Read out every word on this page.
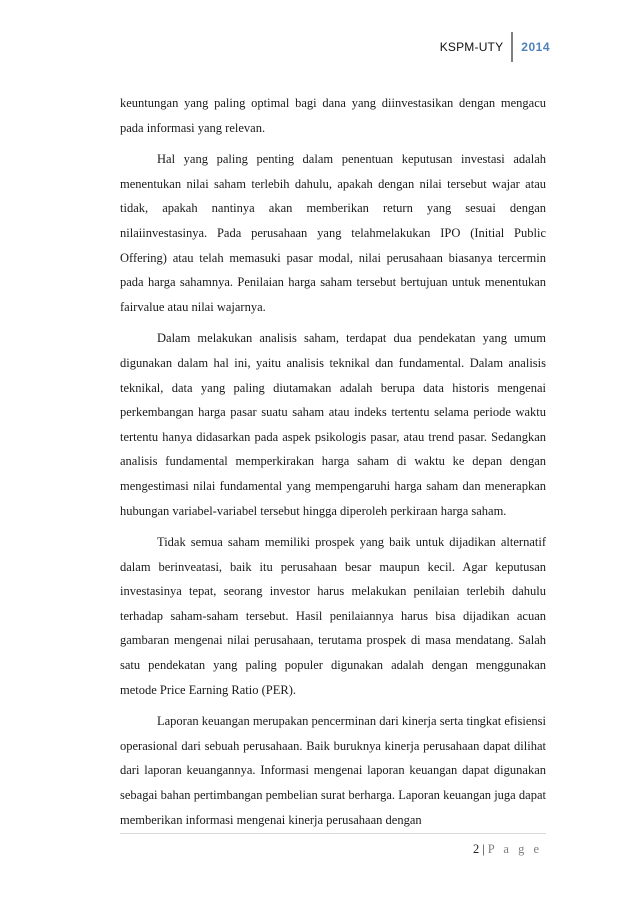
KSPM-UTY	2014

keuntungan yang paling optimal bagi dana yang diinvestasikan dengan mengacu pada informasi yang relevan.

Hal yang paling penting dalam penentuan keputusan investasi adalah menentukan nilai saham terlebih dahulu, apakah dengan nilai tersebut wajar atau tidak, apakah nantinya akan memberikan return yang sesuai dengan nilaiinvestasinya. Pada perusahaan yang telahmelakukan IPO (Initial Public Offering) atau telah memasuki pasar modal, nilai perusahaan biasanya tercermin pada harga sahamnya. Penilaian harga saham tersebut bertujuan untuk menentukan fairvalue atau nilai wajarnya.

Dalam melakukan analisis saham, terdapat dua pendekatan yang umum digunakan dalam hal ini, yaitu analisis teknikal dan fundamental. Dalam analisis teknikal, data yang paling diutamakan adalah berupa data historis mengenai perkembangan harga pasar suatu saham atau indeks tertentu selama periode waktu tertentu hanya didasarkan pada aspek psikologis pasar, atau trend pasar. Sedangkan analisis fundamental memperkirakan harga saham di waktu ke depan dengan mengestimasi nilai fundamental yang mempengaruhi harga saham dan menerapkan hubungan variabel-variabel tersebut hingga diperoleh perkiraan harga saham.

Tidak semua saham memiliki prospek yang baik untuk dijadikan alternatif dalam berinveatasi, baik itu perusahaan besar maupun kecil. Agar keputusan investasinya tepat, seorang investor harus melakukan penilaian terlebih dahulu terhadap saham-saham tersebut. Hasil penilaiannya harus bisa dijadikan acuan gambaran mengenai nilai perusahaan, terutama prospek di masa mendatang. Salah satu pendekatan yang paling populer digunakan adalah dengan menggunakan metode Price Earning Ratio (PER).

Laporan keuangan merupakan pencerminan dari kinerja serta tingkat efisiensi operasional dari sebuah perusahaan. Baik buruknya kinerja perusahaan dapat dilihat dari laporan keuangannya. Informasi mengenai laporan keuangan dapat digunakan sebagai bahan pertimbangan pembelian surat berharga. Laporan keuangan juga dapat memberikan informasi mengenai kinerja perusahaan dengan

2 | P a g e
